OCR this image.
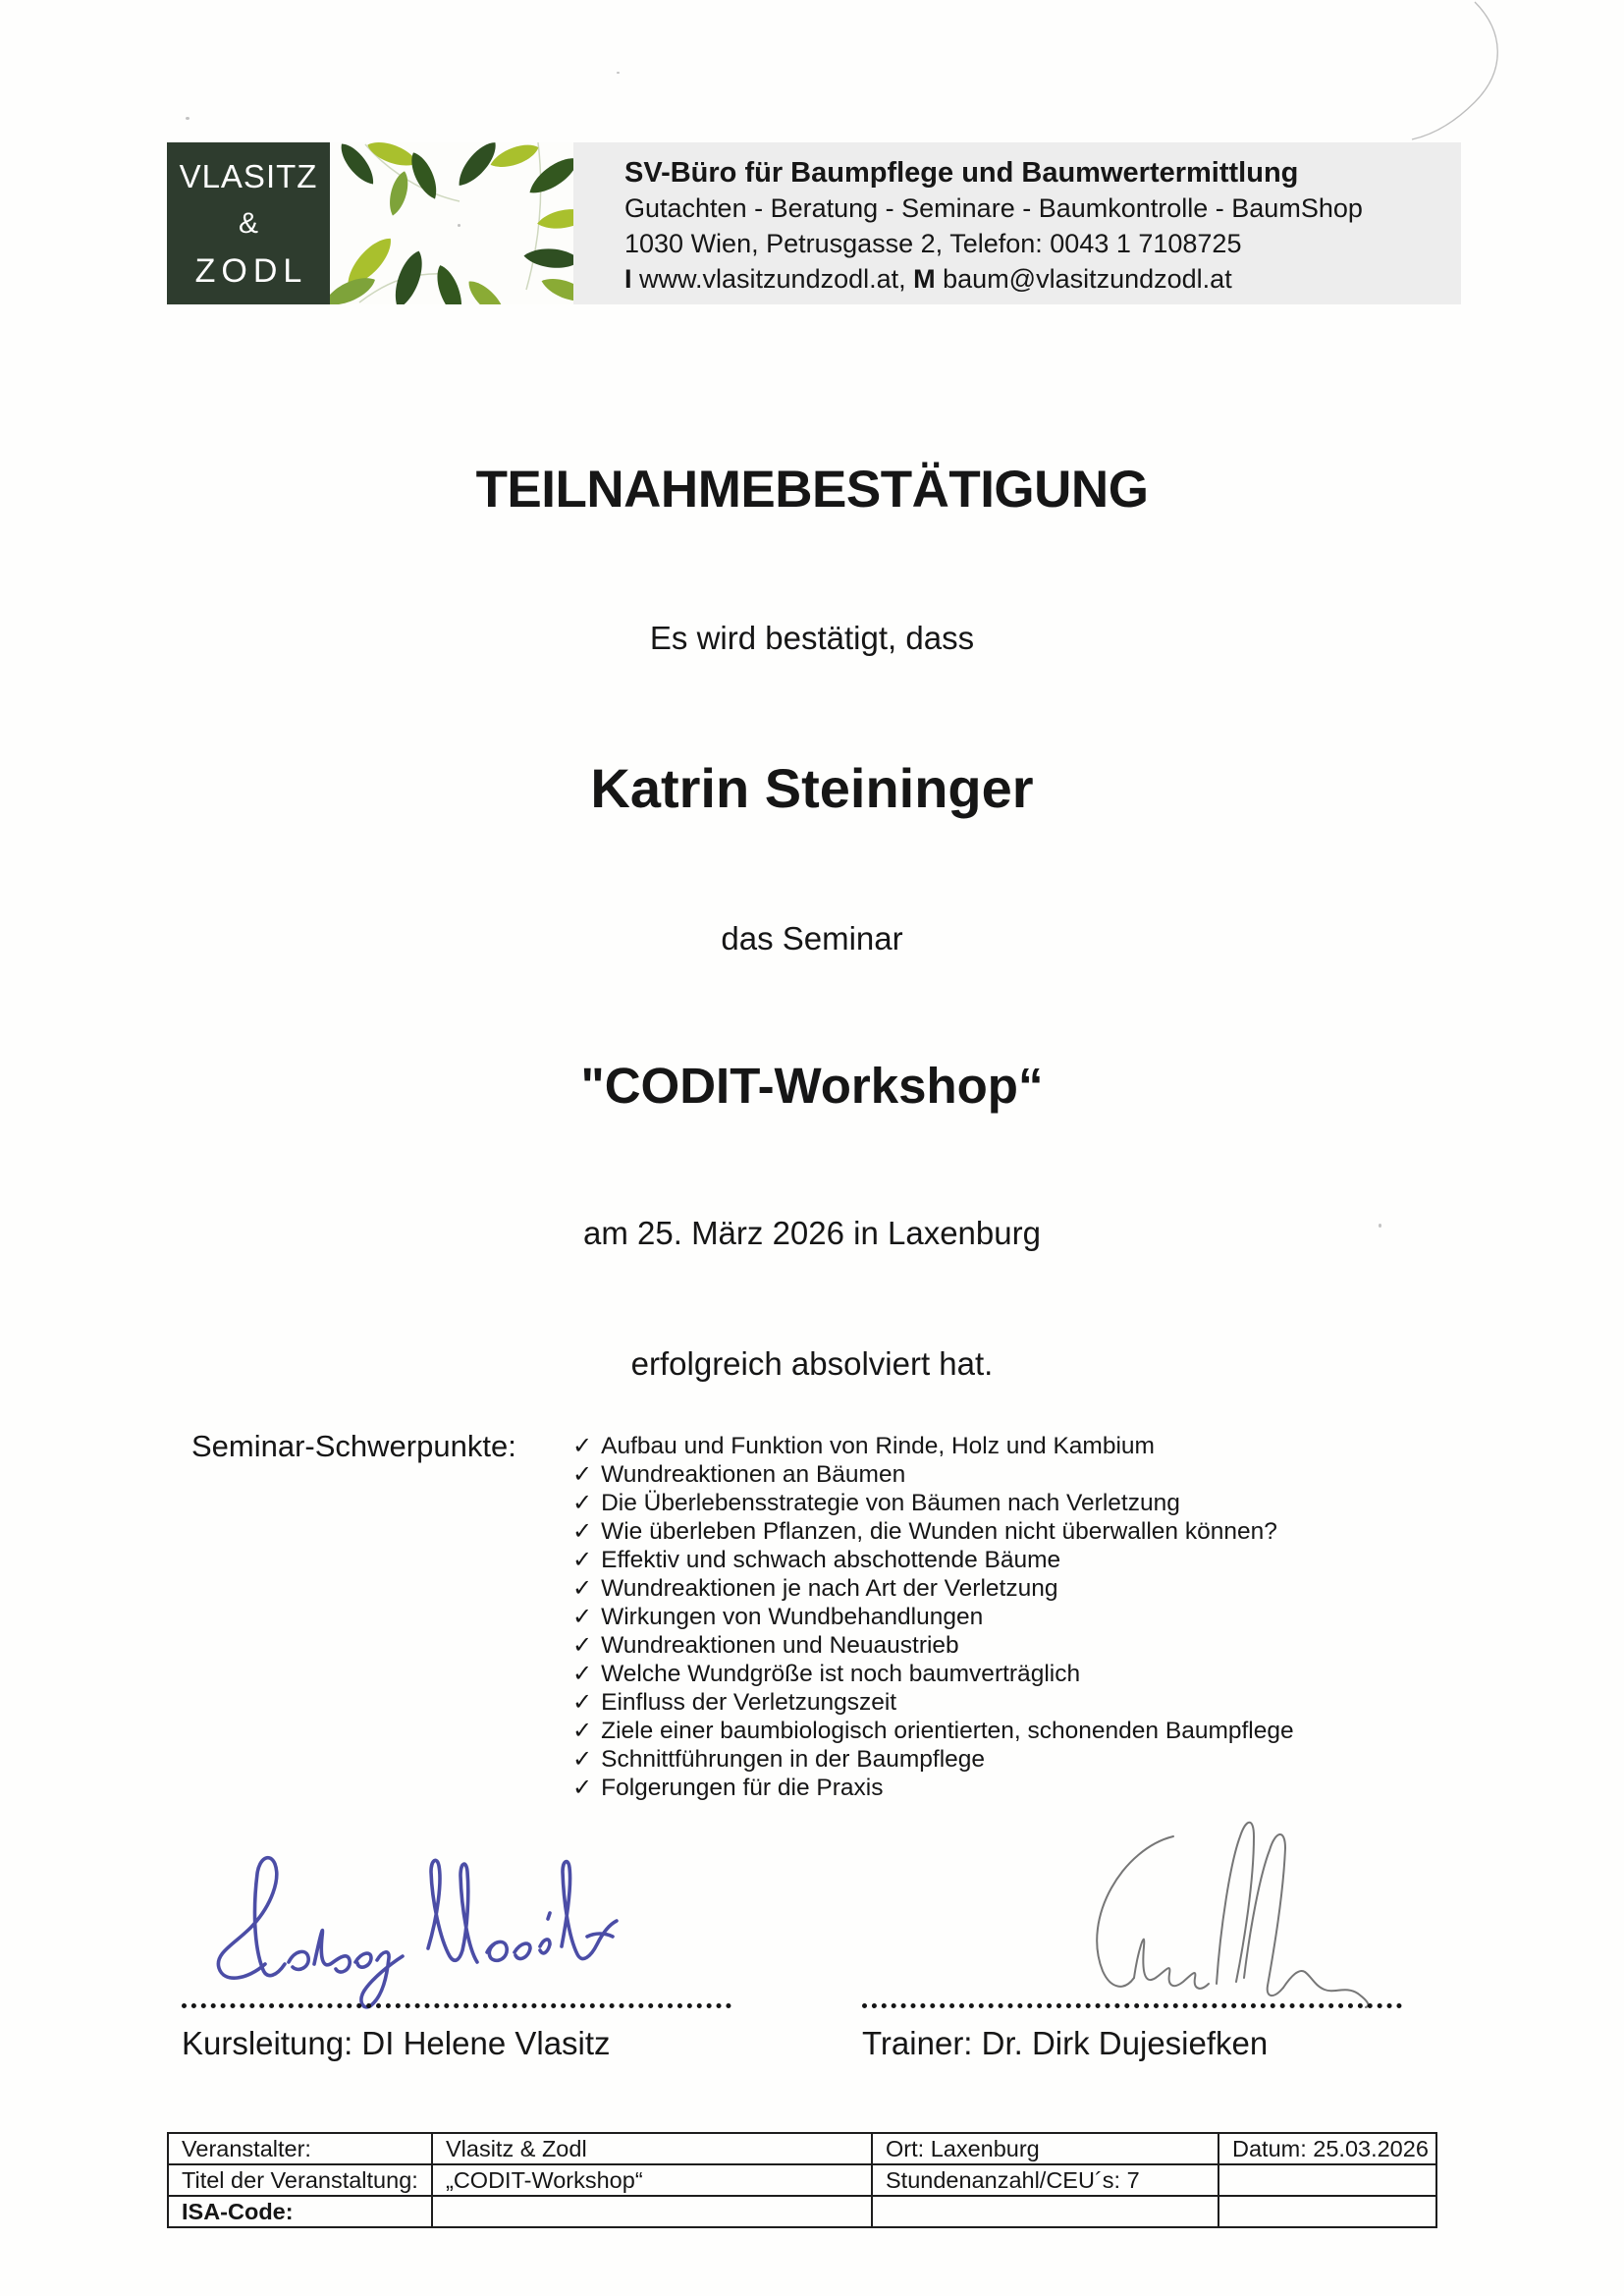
VLASITZ
&
ZODL
SV-Büro für Baumpflege und Baumwertermittlung
Gutachten - Beratung - Seminare - Baumkontrolle - BaumShop
1030 Wien, Petrusgasse 2, Telefon: 0043 1 7108725
I www.vlasitzundzodl.at, M baum@vlasitzundzodl.at
TEILNAHMEBESTÄTIGUNG
Es wird bestätigt, dass
Katrin Steininger
das Seminar
"CODIT-Workshop“
am 25. März 2026 in Laxenburg
erfolgreich absolviert hat.
Seminar-Schwerpunkte: ✓ Aufbau und Funktion von Rinde, Holz und Kambium
✓ Wundreaktionen an Bäumen
✓ Die Überlebensstrategie von Bäumen nach Verletzung
✓ Wie überleben Pflanzen, die Wunden nicht überwallen können?
✓ Effektiv und schwach abschottende Bäume
✓ Wundreaktionen je nach Art der Verletzung
✓ Wirkungen von Wundbehandlungen
✓ Wundreaktionen und Neuaustrieb
✓ Welche Wundgröße ist noch baumverträglich
✓ Einfluss der Verletzungszeit
✓ Ziele einer baumbiologisch orientierten, schonenden Baumpflege
✓ Schnittführungen in der Baumpflege
✓ Folgerungen für die Praxis
Kursleitung: DI Helene Vlasitz	Trainer: Dr. Dirk Dujesiefken
Veranstalter:	Vlasitz & Zodl	Ort: Laxenburg	Datum: 25.03.2026
Titel der Veranstaltung:	„CODIT-Workshop“	Stundenanzahl/CEU´s: 7	
ISA-Code:			
